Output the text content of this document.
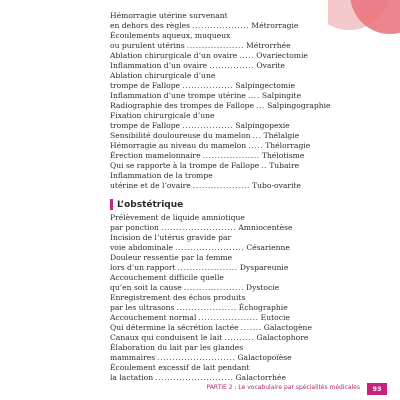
Hémorragie utérine survenant
en dehors des règles ................... Métrorragie
Écoulements aqueux, muqueux
ou purulent utérins ................... Métrorrhée
Ablation chirurgicale d’un ovaire ..... Ovariectomie
Inflammation d’un ovaire ............... Ovarite
Ablation chirurgicale d’une
trompe de Fallope ................. Salpingectomie
Inflammation d’une trompe utérine .... Salpingite
Radiographie des trompes de Fallope ... Salpingographie
Fixation chirurgicale d’une
trompe de Fallope ................. Salpingopexie
Sensibilité douloureuse du mamelon ... Thélalgie
Hémorragie au niveau du mamelon ..... Thélorragie
Érection mamelonnaire ................... Thélotisme
Qui se rapporte à la trompe de Fallope .. Tubaire
Inflammation de la trompe
utérine et de l’ovaire ................... Tubo-ovarite
L’obstétrique
Prélèvement de liquide amniotique
par ponction ......................... Amniocentèse
Incision de l’utérus gravide par
voie abdominale ....................... Césarienne
Douleur ressentie par la femme
lors d’un rapport .................... Dyspareunie
Accouchement difficile quelle
qu’en soit la cause .................... Dystocie
Enregistrement des échos produits
par les ultrasons .................... Échographie
Accouchement normal .................... Eutocie
Qui détermine la sécrétion lactée ....... Galactogène
Canaux qui conduisent le lait .......... Galactophore
Élaboration du lait par les glandes
mammaires .......................... Galactopoïèse
Écoulement excessif de lait pendant
la lactation .......................... Galactorrhée
PARTIE 2 : Le vocabulaire par spécialités médicales	93
